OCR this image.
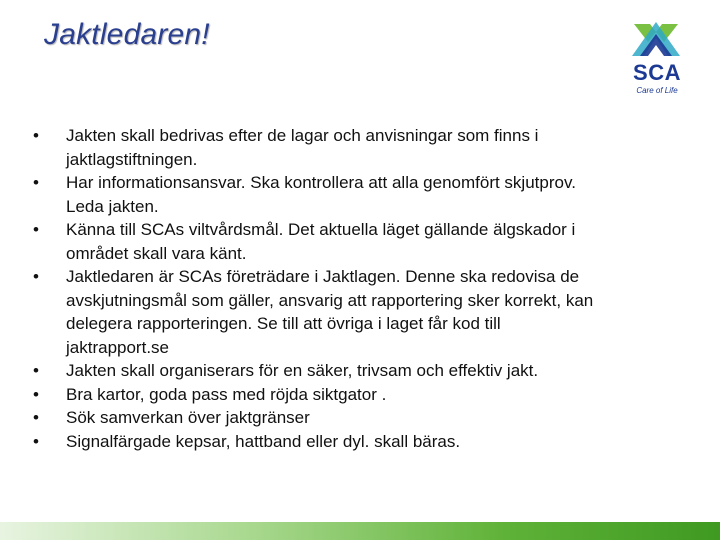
Jaktledaren!
SCA
Care of Life
• Jakten skall bedrivas efter de lagar och anvisningar som finns i jaktlagstiftningen.
• Har informationsansvar. Ska kontrollera att alla genomfört skjutprov. Leda jakten.
• Känna till SCAs viltvårdsmål. Det aktuella läget gällande älgskador i området skall vara känt.
• Jaktledaren är SCAs företrädare i Jaktlagen. Denne ska redovisa de avskjutningsmål som gäller, ansvarig att rapportering sker korrekt, kan delegera rapporteringen. Se till att övriga i laget får kod till jaktrapport.se
• Jakten skall organiserars för en säker, trivsam och effektiv jakt.
• Bra kartor, goda pass med röjda siktgator .
• Sök samverkan över jaktgränser
• Signalfärgade kepsar, hattband eller dyl. skall bäras.
